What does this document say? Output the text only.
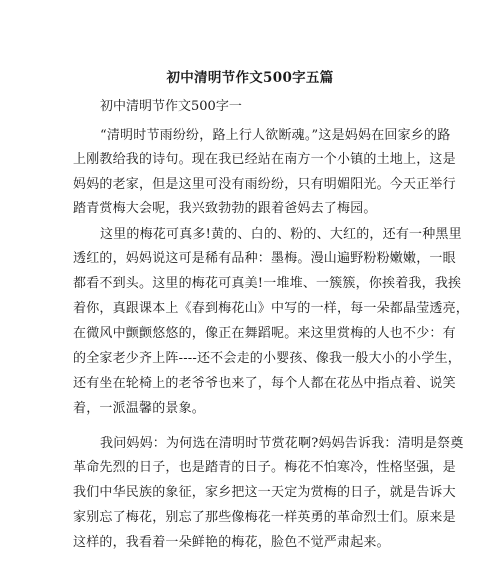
初中清明节作文500字五篇
初中清明节作文500字一
“清明时节雨纷纷，路上行人欲断魂。”这是妈妈在回家乡的路
上刚教给我的诗句。现在我已经站在南方一个小镇的土地上，这是
妈妈的老家，但是这里可没有雨纷纷，只有明媚阳光。今天正举行
踏青赏梅大会呢，我兴致勃勃的跟着爸妈去了梅园。
这里的梅花可真多!黄的、白的、粉的、大红的，还有一种黑里
透红的，妈妈说这可是稀有品种：墨梅。漫山遍野粉粉嫩嫩，一眼
都看不到头。这里的梅花可真美!一堆堆、一簇簇，你挨着我，我挨
着你，真跟课本上《春到梅花山》中写的一样，每一朵都晶莹透亮，
在微风中颤颤悠悠的，像正在舞蹈呢。来这里赏梅的人也不少：有
的全家老少齐上阵----还不会走的小婴孩、像我一般大小的小学生，
还有坐在轮椅上的老爷爷也来了，每个人都在花丛中指点着、说笑
着，一派温馨的景象。
我问妈妈：为何选在清明时节赏花啊?妈妈告诉我：清明是祭奠
革命先烈的日子，也是踏青的日子。梅花不怕寒冷，性格坚强，是
我们中华民族的象征，家乡把这一天定为赏梅的日子，就是告诉大
家别忘了梅花，别忘了那些像梅花一样英勇的革命烈士们。原来是
这样的，我看着一朵鲜艳的梅花，脸色不觉严肃起来。
